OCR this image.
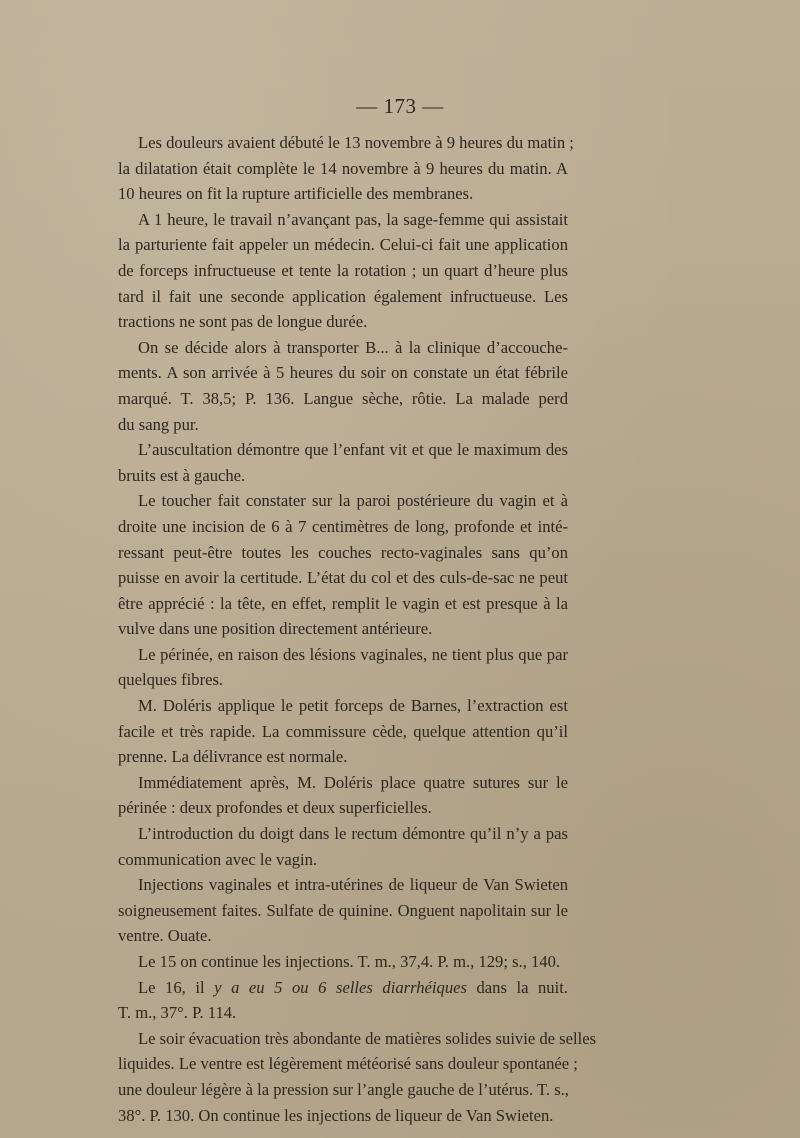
— 173 —
Les douleurs avaient débuté le 13 novembre à 9 heures du matin ;
la dilatation était complète le 14 novembre à 9 heures du matin. A
10 heures on fit la rupture artificielle des membranes.
A 1 heure, le travail n’avançant pas, la sage-femme qui assistait
la parturiente fait appeler un médecin. Celui-ci fait une application
de forceps infructueuse et tente la rotation ; un quart d’heure plus
tard il fait une seconde application également infructueuse. Les
tractions ne sont pas de longue durée.
On se décide alors à transporter B... à la clinique d’accouche-
ments. A son arrivée à 5 heures du soir on constate un état fébrile
marqué. T. 38,5; P. 136. Langue sèche, rôtie. La malade perd
du sang pur.
L’auscultation démontre que l’enfant vit et que le maximum des
bruits est à gauche.
Le toucher fait constater sur la paroi postérieure du vagin et à
droite une incision de 6 à 7 centimètres de long, profonde et inté-
ressant peut-être toutes les couches recto-vaginales sans qu’on
puisse en avoir la certitude. L’état du col et des culs-de-sac ne peut
être apprécié : la tête, en effet, remplit le vagin et est presque à la
vulve dans une position directement antérieure.
Le périnée, en raison des lésions vaginales, ne tient plus que par
quelques fibres.
M. Doléris applique le petit forceps de Barnes, l’extraction est
facile et très rapide. La commissure cède, quelque attention qu’il
prenne. La délivrance est normale.
Immédiatement après, M. Doléris place quatre sutures sur le
périnée : deux profondes et deux superficielles.
L’introduction du doigt dans le rectum démontre qu’il n’y a pas
communication avec le vagin.
Injections vaginales et intra-utérines de liqueur de Van Swieten
soigneusement faites. Sulfate de quinine. Onguent napolitain sur le
ventre. Ouate.
Le 15 on continue les injections. T. m., 37,4. P. m., 129; s., 140.
Le 16, il y a eu 5 ou 6 selles diarrhéiques dans la nuit.
T. m., 37°. P. 114.
Le soir évacuation très abondante de matières solides suivie de selles
liquides. Le ventre est légèrement météorisé sans douleur spontanée ;
une douleur légère à la pression sur l’angle gauche de l’utérus. T. s.,
38°. P. 130. On continue les injections de liqueur de Van Swieten.
